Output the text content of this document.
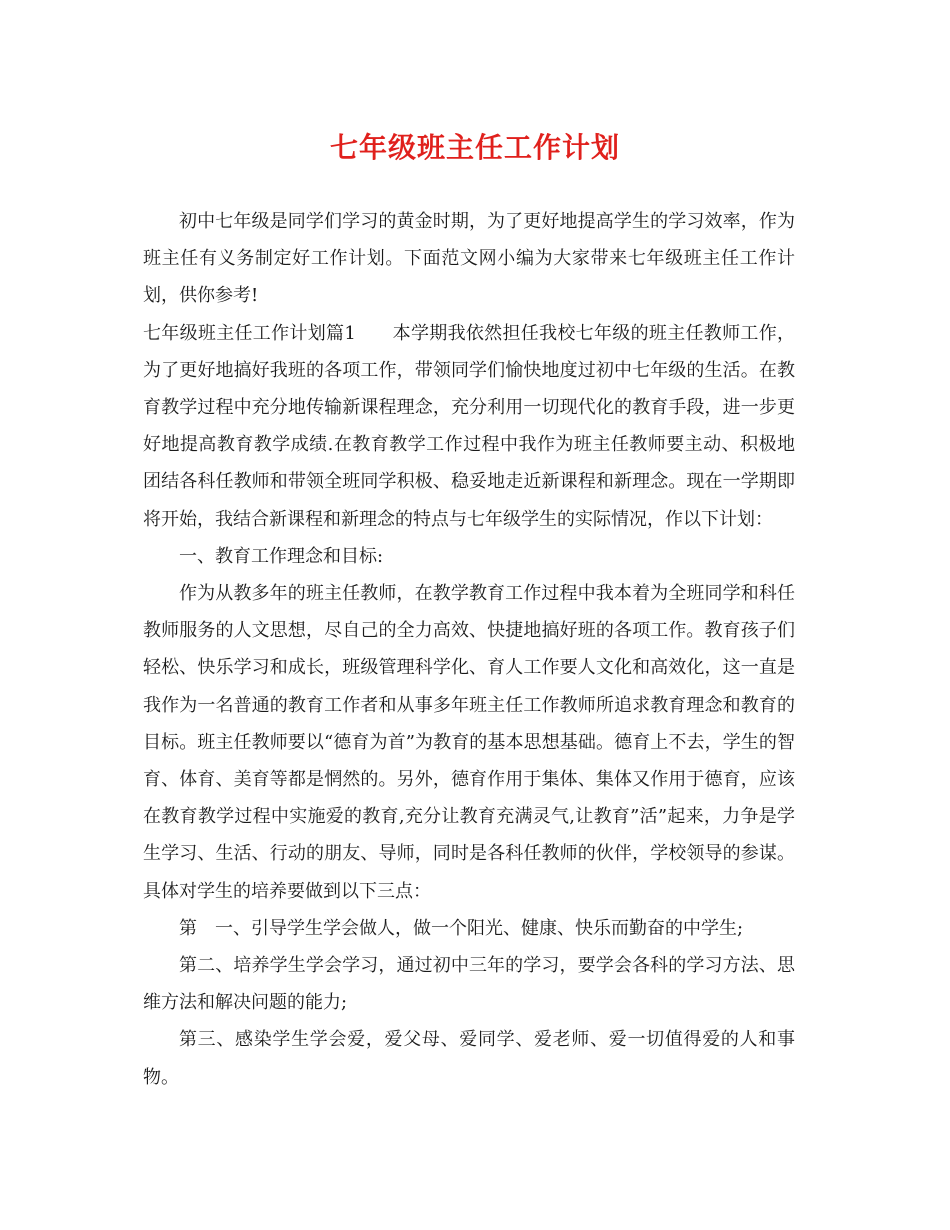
七年级班主任工作计划

初中七年级是同学们学习的黄金时期，为了更好地提高学生的学习效率，作为班主任有义务制定好工作计划。下面范文网小编为大家带来七年级班主任工作计划，供你参考!

七年级班主任工作计划篇1　　本学期我依然担任我校七年级的班主任教师工作，为了更好地搞好我班的各项工作，带领同学们愉快地度过初中七年级的生活。在教育教学过程中充分地传输新课程理念，充分利用一切现代化的教育手段，进一步更好地提高教育教学成绩.在教育教学工作过程中我作为班主任教师要主动、积极地团结各科任教师和带领全班同学积极、稳妥地走近新课程和新理念。现在一学期即将开始，我结合新课程和新理念的特点与七年级学生的实际情况，作以下计划：

一、教育工作理念和目标:

作为从教多年的班主任教师，在教学教育工作过程中我本着为全班同学和科任教师服务的人文思想，尽自己的全力高效、快捷地搞好班的各项工作。教育孩子们轻松、快乐学习和成长，班级管理科学化、育人工作要人文化和高效化，这一直是我作为一名普通的教育工作者和从事多年班主任工作教师所追求教育理念和教育的目标。班主任教师要以“德育为首”为教育的基本思想基础。德育上不去，学生的智育、体育、美育等都是惘然的。另外，德育作用于集体、集体又作用于德育，应该在教育教学过程中实施爱的教育,充分让教育充满灵气,让教育”活”起来，力争是学生学习、生活、行动的朋友、导师，同时是各科任教师的伙伴，学校领导的参谋。具体对学生的培养要做到以下三点：

第　一、引导学生学会做人，做一个阳光、健康、快乐而勤奋的中学生;

第二、培养学生学会学习，通过初中三年的学习，要学会各科的学习方法、思维方法和解决问题的能力;

第三、感染学生学会爱，爱父母、爱同学、爱老师、爱一切值得爱的人和事物。
